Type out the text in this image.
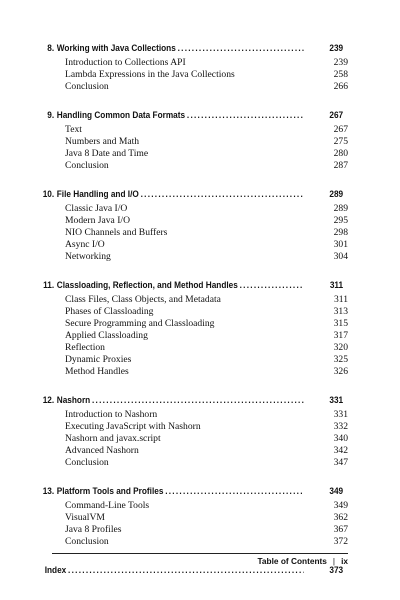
8. Working with Java Collections . . .	239
Introduction to Collections API	239
Lambda Expressions in the Java Collections	258
Conclusion	266
9. Handling Common Data Formats . . .	267
Text	267
Numbers and Math	275
Java 8 Date and Time	280
Conclusion	287
10. File Handling and I/O . . .	289
Classic Java I/O	289
Modern Java I/O	295
NIO Channels and Buffers	298
Async I/O	301
Networking	304
11. Classloading, Reflection, and Method Handles . . .	311
Class Files, Class Objects, and Metadata	311
Phases of Classloading	313
Secure Programming and Classloading	315
Applied Classloading	317
Reflection	320
Dynamic Proxies	325
Method Handles	326
12. Nashorn . . .	331
Introduction to Nashorn	331
Executing JavaScript with Nashorn	332
Nashorn and javax.script	340
Advanced Nashorn	342
Conclusion	347
13. Platform Tools and Profiles . . .	349
Command-Line Tools	349
VisualVM	362
Java 8 Profiles	367
Conclusion	372
Index . . .	373
Table of Contents | ix
